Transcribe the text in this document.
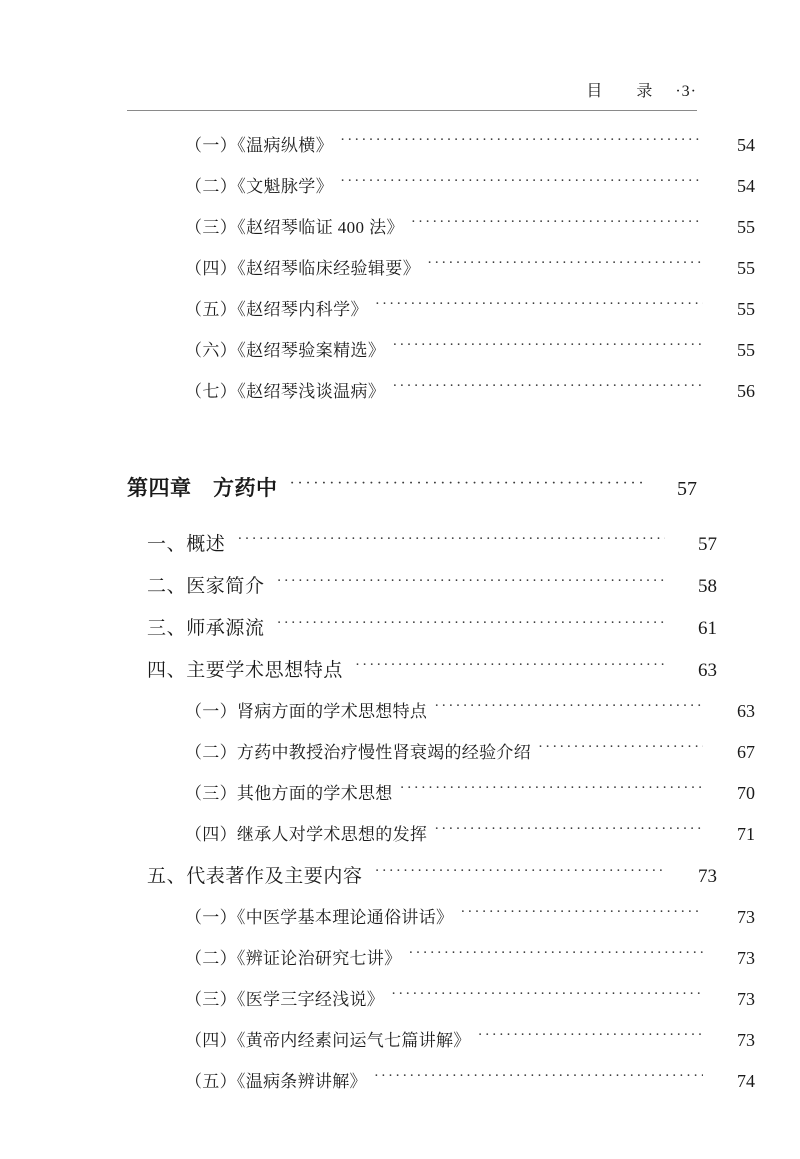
目　录 ·3·
（一）《温病纵横》 ·····	54
（二）《文魁脉学》 ·····	54
（三）《赵绍琴临证 400 法》 ·····	55
（四）《赵绍琴临床经验辑要》 ·····	55
（五）《赵绍琴内科学》 ·····	55
（六）《赵绍琴验案精选》 ·····	55
（七）《赵绍琴浅谈温病》 ·····	56
第四章　方药中 ·····	57
一、概述 ·····	57
二、医家简介 ·····	58
三、师承源流 ·····	61
四、主要学术思想特点 ·····	63
（一）肾病方面的学术思想特点 ·····	63
（二）方药中教授治疗慢性肾衰竭的经验介绍 ·····	67
（三）其他方面的学术思想 ·····	70
（四）继承人对学术思想的发挥 ·····	71
五、代表著作及主要内容 ·····	73
（一）《中医学基本理论通俗讲话》 ·····	73
（二）《辨证论治研究七讲》 ·····	73
（三）《医学三字经浅说》 ·····	73
（四）《黄帝内经素问运气七篇讲解》 ·····	73
（五）《温病条辨讲解》 ·····	74
